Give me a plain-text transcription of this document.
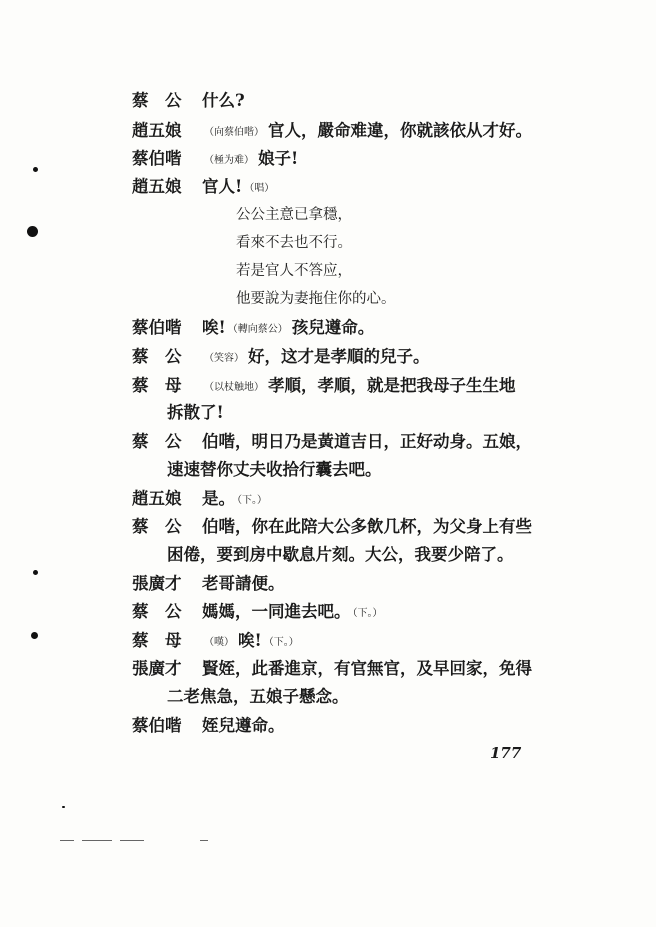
蔡　公 什么?
趙五娘 （向蔡伯喈） 官人，嚴命难違，你就該依从才好。
蔡伯喈 （極为难） 娘子!
趙五娘 官人! （唱）
公公主意已拿穩，
看來不去也不行。
若是官人不答应，
他要說为妻拖住你的心。
蔡伯喈 唉! （轉向蔡公） 孩兒遵命。
蔡　公 （笑容） 好，这才是孝順的兒子。
蔡　母 （以杖触地） 孝順，孝順，就是把我母子生生地
拆散了!
蔡　公 伯喈，明日乃是黃道吉日，正好动身。五娘，
速速替你丈夫收拾行囊去吧。
趙五娘 是。 （下。）
蔡　公 伯喈，你在此陪大公多飲几杯，为父身上有些
困倦，要到房中歇息片刻。大公，我要少陪了。
張廣才 老哥請便。
蔡　公 媽媽，一同進去吧。 （下。）
蔡　母 （嘆） 唉! （下。）
張廣才 賢姪，此番進京，有官無官，及早回家，免得
二老焦急，五娘子懸念。
蔡伯喈 姪兒遵命。
177
